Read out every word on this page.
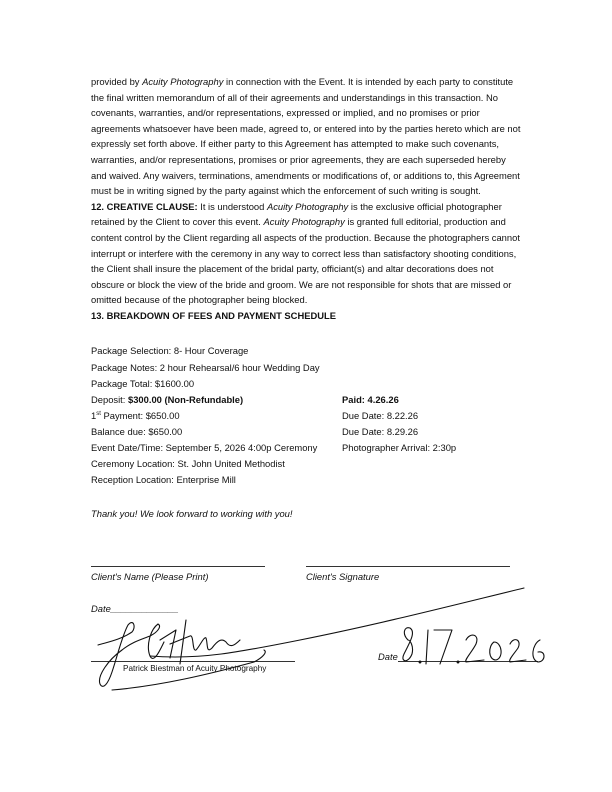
provided by Acuity Photography in connection with the Event. It is intended by each party to constitute the final written memorandum of all of their agreements and understandings in this transaction. No covenants, warranties, and/or representations, expressed or implied, and no promises or prior agreements whatsoever have been made, agreed to, or entered into by the parties hereto which are not expressly set forth above. If either party to this Agreement has attempted to make such covenants, warranties, and/or representations, promises or prior agreements, they are each superseded hereby and waived. Any waivers, terminations, amendments or modifications of, or additions to, this Agreement must be in writing signed by the party against which the enforcement of such writing is sought.

12. CREATIVE CLAUSE: It is understood Acuity Photography is the exclusive official photographer retained by the Client to cover this event. Acuity Photography is granted full editorial, production and content control by the Client regarding all aspects of the production. Because the photographers cannot interrupt or interfere with the ceremony in any way to correct less than satisfactory shooting conditions, the Client shall insure the placement of the bridal party, officiant(s) and altar decorations does not obscure or block the view of the bride and groom. We are not responsible for shots that are missed or omitted because of the photographer being blocked.

13. BREAKDOWN OF FEES AND PAYMENT SCHEDULE

Package Selection: 8- Hour Coverage
Package Notes: 2 hour Rehearsal/6 hour Wedding Day
Package Total: $1600.00
Deposit: $300.00 (Non-Refundable)	Paid: 4.26.26
1st Payment: $650.00	Due Date: 8.22.26
Balance due: $650.00	Due Date: 8.29.26
Event Date/Time: September 5, 2026 4:00p Ceremony	Photographer Arrival: 2:30p
Ceremony Location: St. John United Methodist
Reception Location: Enterprise Mill
Thank you! We look forward to working with you!
Client's Name (Please Print)	Client's Signature
Date_____________
Patrick Biestman of Acuity Photography
Date
